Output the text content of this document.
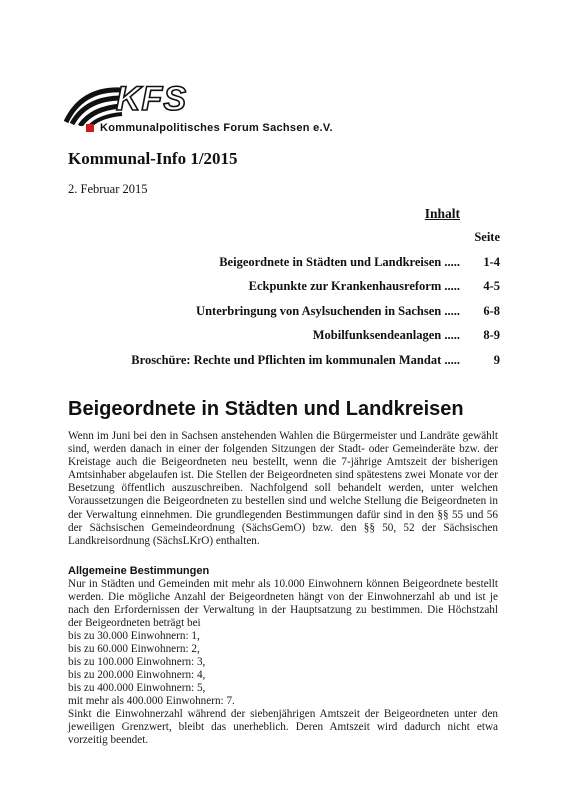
KFS
Kommunalpolitisches Forum Sachsen e.V.
Kommunal-Info 1/2015
2. Februar 2015
Inhalt
Seite
Beigeordnete in Städten und Landkreisen ..... 1-4
Eckpunkte zur Krankenhausreform ..... 4-5
Unterbringung von Asylsuchenden in Sachsen ..... 6-8
Mobilfunksendeanlagen ..... 8-9
Broschüre: Rechte und Pflichten im kommunalen Mandat .....	9
Beigeordnete in Städten und Landkreisen
Wenn im Juni bei den in Sachsen anstehenden Wahlen die Bürgermeister und Landräte gewählt sind, werden danach in einer der folgenden Sitzungen der Stadt- oder Gemeinderäte bzw. der Kreistage auch die Beigeordneten neu bestellt, wenn die 7-jährige Amtszeit der bisherigen Amtsinhaber abgelaufen ist. Die Stellen der Beigeordneten sind spätestens zwei Monate vor der Besetzung öffentlich auszuschreiben. Nachfolgend soll behandelt werden, unter welchen Voraussetzungen die Beigeordneten zu bestellen sind und welche Stellung die Beigeordneten in der Verwaltung einnehmen. Die grundlegenden Bestimmungen dafür sind in den §§ 55 und 56 der Sächsischen Gemeindeordnung (SächsGemO) bzw. den §§ 50, 52 der Sächsischen Landkreisordnung (SächsLKrO) enthalten.
Allgemeine Bestimmungen
Nur in Städten und Gemeinden mit mehr als 10.000 Einwohnern können Beigeordnete bestellt werden. Die mögliche Anzahl der Beigeordneten hängt von der Einwohnerzahl ab und ist je nach den Erfordernissen der Verwaltung in der Hauptsatzung zu bestimmen. Die Höchstzahl der Beigeordneten beträgt bei
bis zu 30.000 Einwohnern: 1,
bis zu 60.000 Einwohnern: 2,
bis zu 100.000 Einwohnern: 3,
bis zu 200.000 Einwohnern: 4,
bis zu 400.000 Einwohnern: 5,
mit mehr als 400.000 Einwohnern: 7.
Sinkt die Einwohnerzahl während der siebenjährigen Amtszeit der Beigeordneten unter den jeweiligen Grenzwert, bleibt das unerheblich. Deren Amtszeit wird dadurch nicht etwa vorzeitig beendet.
